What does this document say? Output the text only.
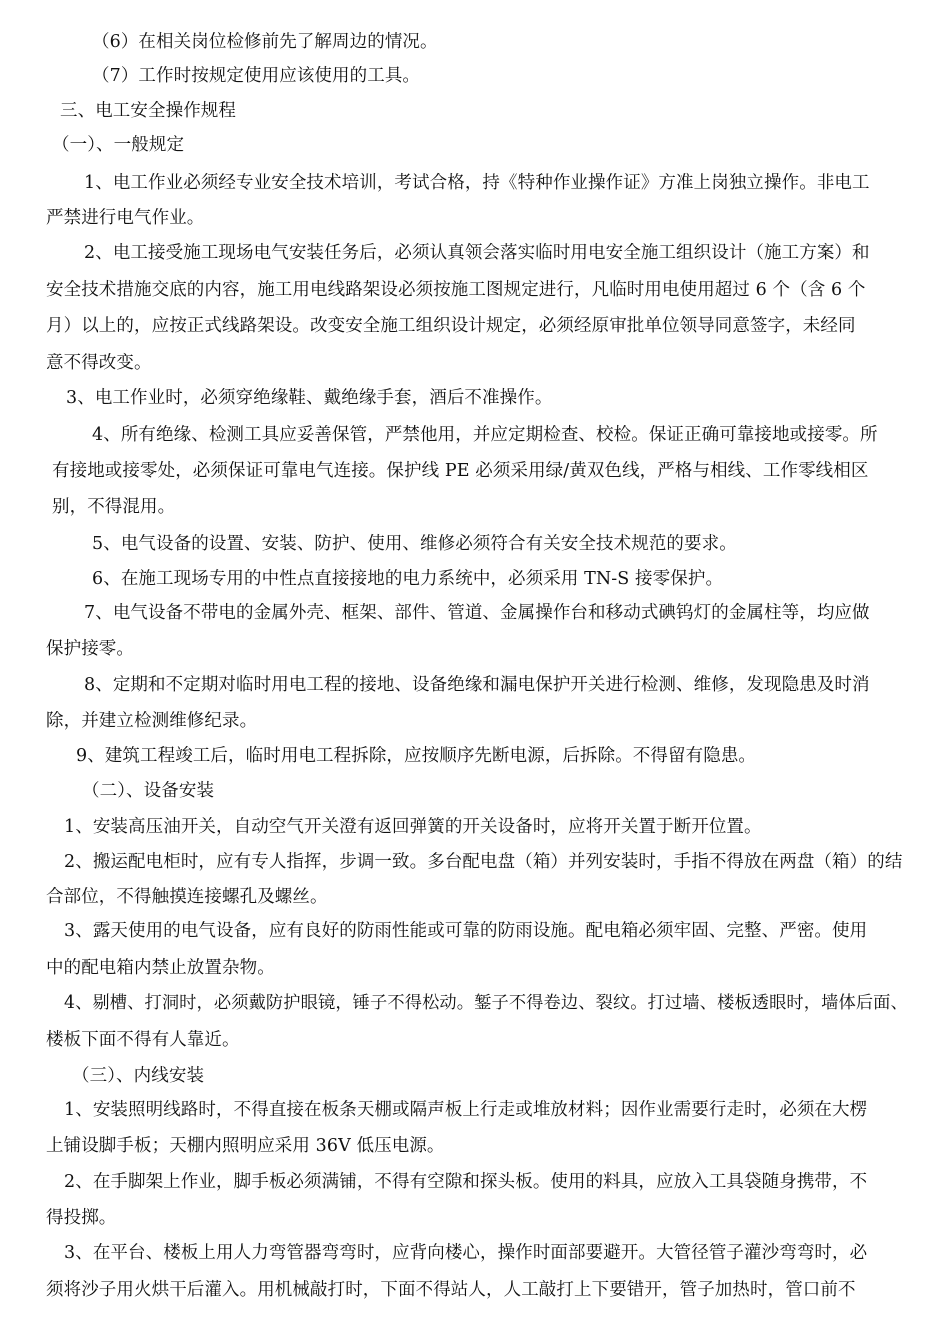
（6）在相关岗位检修前先了解周边的情况。
（7）工作时按规定使用应该使用的工具。
三、电工安全操作规程
（一）、一般规定
1、电工作业必须经专业安全技术培训，考试合格，持《特种作业操作证》方准上岗独立操作。非电工
严禁进行电气作业。
2、电工接受施工现场电气安装任务后，必须认真领会落实临时用电安全施工组织设计（施工方案）和
安全技术措施交底的内容，施工用电线路架设必须按施工图规定进行，凡临时用电使用超过 6 个（含 6 个
月）以上的，应按正式线路架设。改变安全施工组织设计规定，必须经原审批单位领导同意签字，未经同
意不得改变。
3、电工作业时，必须穿绝缘鞋、戴绝缘手套，酒后不准操作。
4、所有绝缘、检测工具应妥善保管，严禁他用，并应定期检查、校检。保证正确可靠接地或接零。所
有接地或接零处，必须保证可靠电气连接。保护线 PE 必须采用绿/黄双色线，严格与相线、工作零线相区
别，不得混用。
5、电气设备的设置、安装、防护、使用、维修必须符合有关安全技术规范的要求。
6、在施工现场专用的中性点直接接地的电力系统中，必须采用 TN-S 接零保护。
7、电气设备不带电的金属外壳、框架、部件、管道、金属操作台和移动式碘钨灯的金属柱等，均应做
保护接零。
8、定期和不定期对临时用电工程的接地、设备绝缘和漏电保护开关进行检测、维修，发现隐患及时消
除，并建立检测维修纪录。
9、建筑工程竣工后，临时用电工程拆除，应按顺序先断电源，后拆除。不得留有隐患。
（二）、设备安装
1、安装高压油开关，自动空气开关澄有返回弹簧的开关设备时，应将开关置于断开位置。
2、搬运配电柜时，应有专人指挥，步调一致。多台配电盘（箱）并列安装时，手指不得放在两盘（箱）的结
合部位，不得触摸连接螺孔及螺丝。
3、露天使用的电气设备，应有良好的防雨性能或可靠的防雨设施。配电箱必须牢固、完整、严密。使用
中的配电箱内禁止放置杂物。
4、剔槽、打洞时，必须戴防护眼镜，锤子不得松动。錾子不得卷边、裂纹。打过墙、楼板透眼时，墙体后面、
楼板下面不得有人靠近。
（三）、内线安装
1、安装照明线路时，不得直接在板条天棚或隔声板上行走或堆放材料；因作业需要行走时，必须在大楞
上铺设脚手板；天棚内照明应采用 36V 低压电源。
2、在手脚架上作业，脚手板必须满铺，不得有空隙和探头板。使用的料具，应放入工具袋随身携带，不
得投掷。
3、在平台、楼板上用人力弯管器弯弯时，应背向楼心，操作时面部要避开。大管径管子灌沙弯弯时，必
须将沙子用火烘干后灌入。用机械敲打时，下面不得站人，人工敲打上下要错开，管子加热时，管口前不
